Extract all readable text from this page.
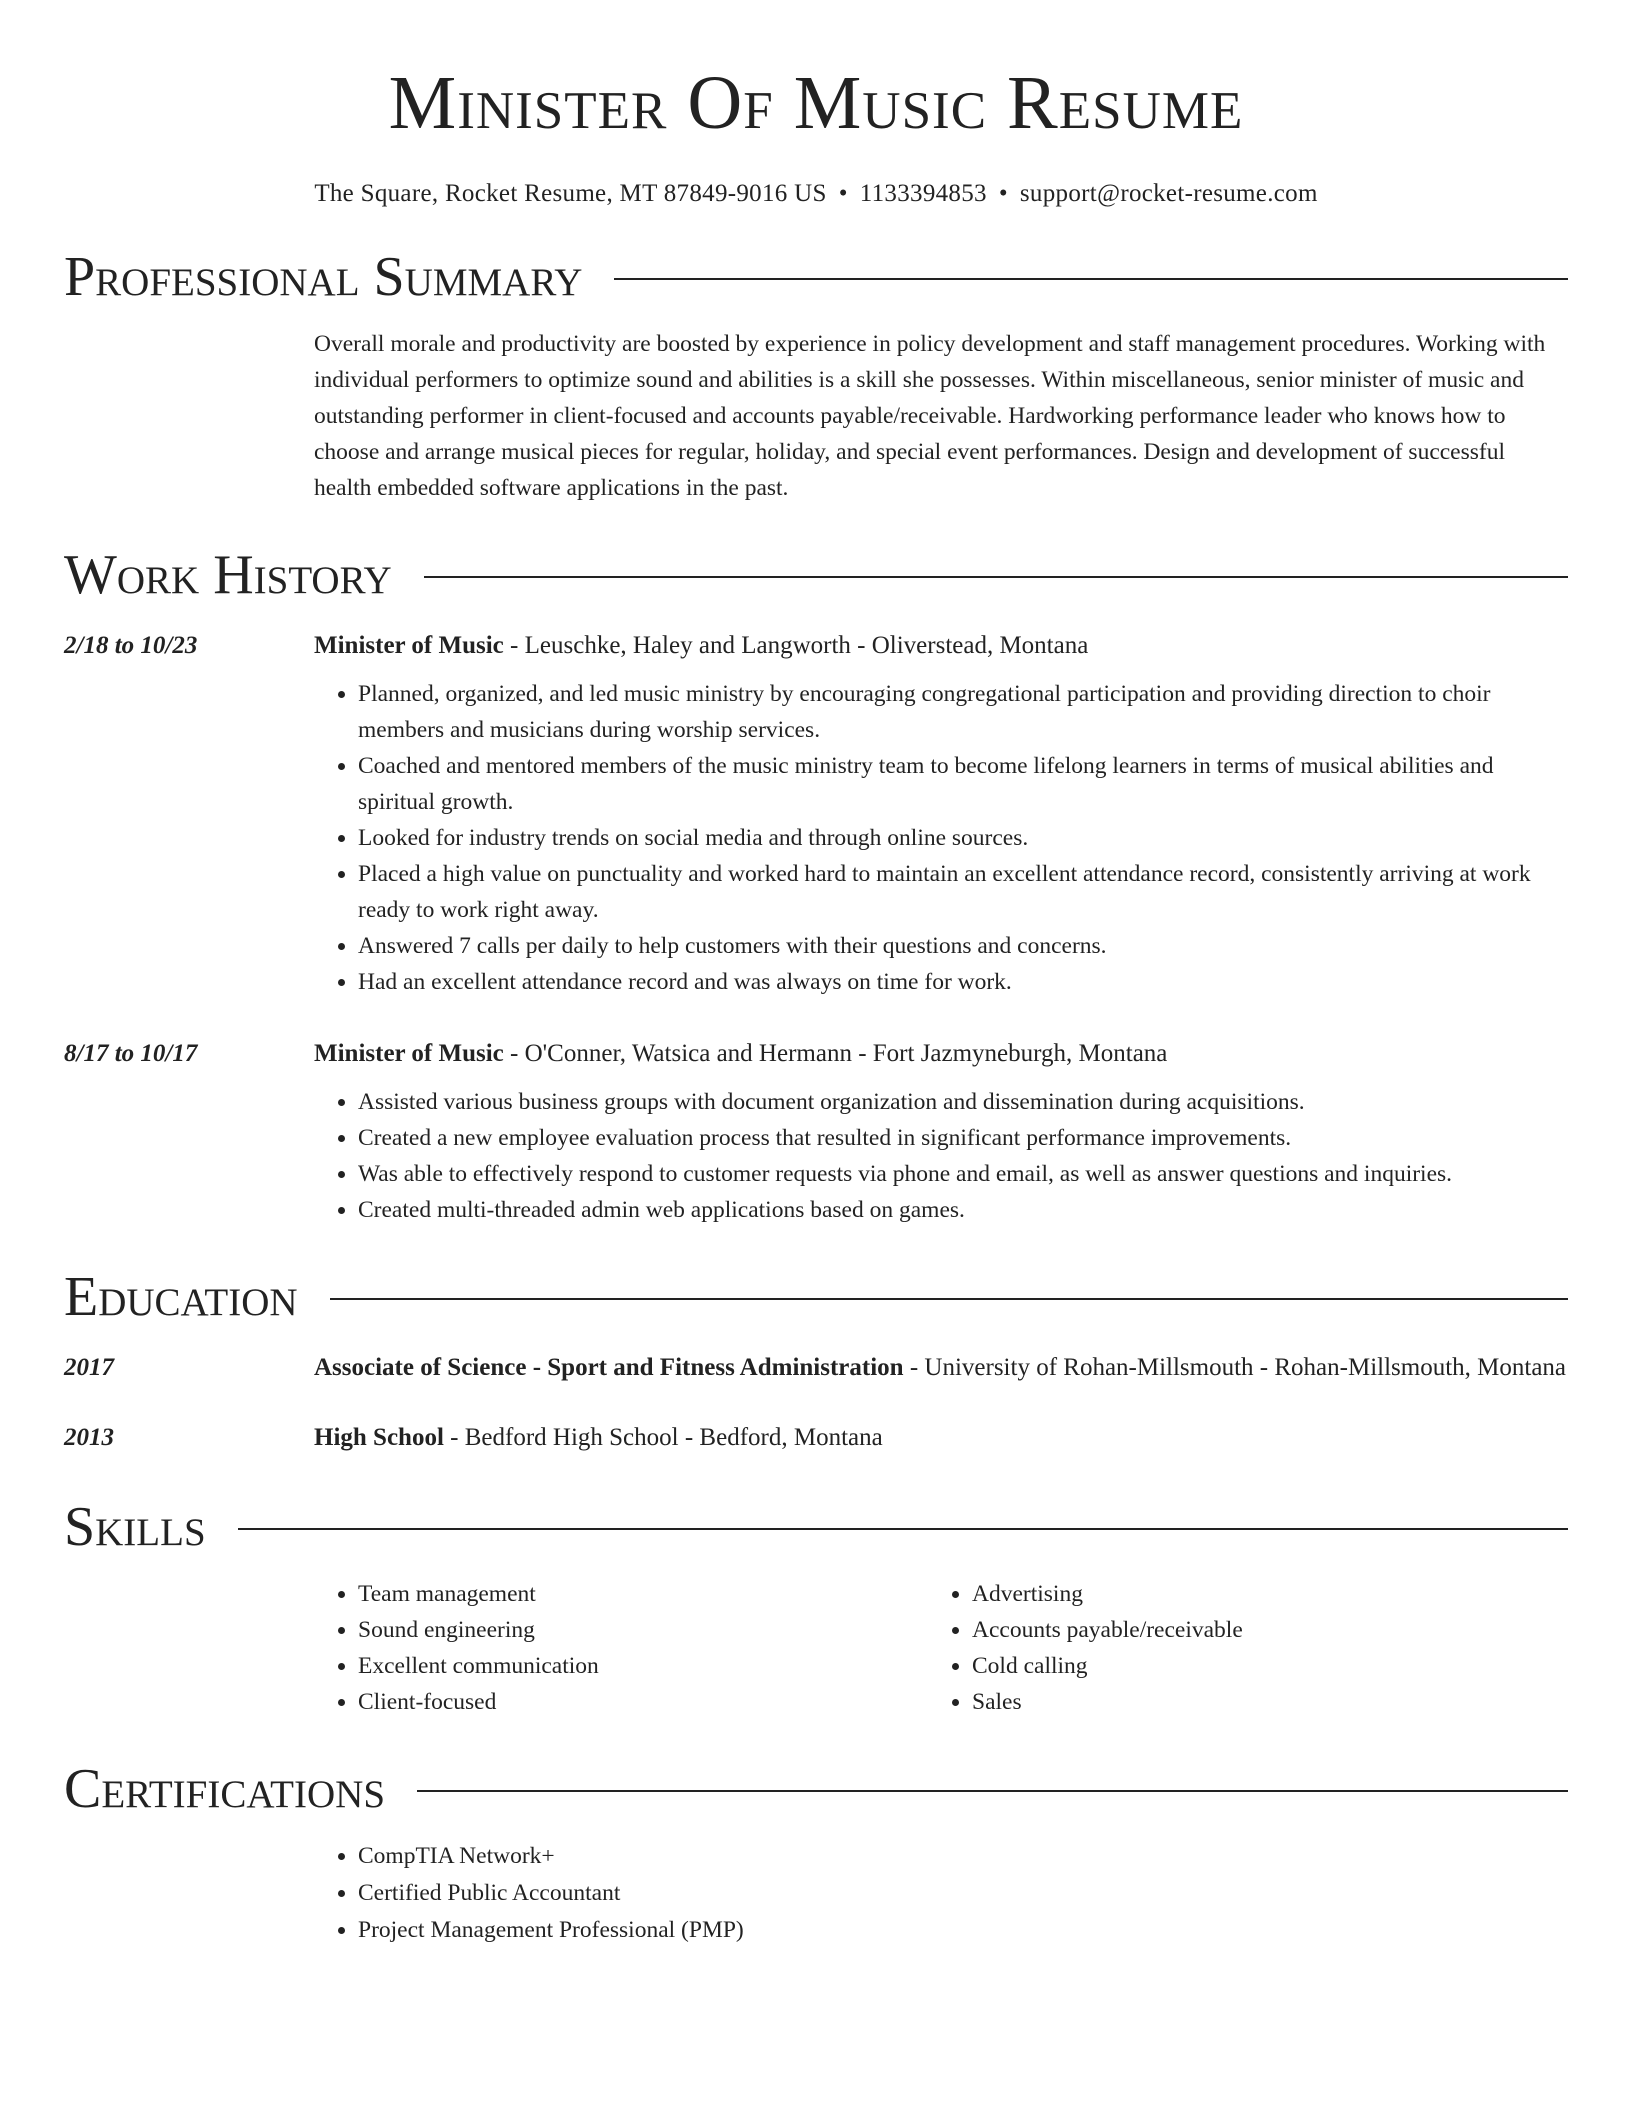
Minister Of Music Resume
The Square, Rocket Resume, MT 87849-9016 US • 1133394853 • support@rocket-resume.com
Professional Summary
Overall morale and productivity are boosted by experience in policy development and staff management procedures. Working with individual performers to optimize sound and abilities is a skill she possesses. Within miscellaneous, senior minister of music and outstanding performer in client-focused and accounts payable/receivable. Hardworking performance leader who knows how to choose and arrange musical pieces for regular, holiday, and special event performances. Design and development of successful health embedded software applications in the past.
Work History
2/18 to 10/23	Minister of Music - Leuschke, Haley and Langworth - Oliverstead, Montana
• Planned, organized, and led music ministry by encouraging congregational participation and providing direction to choir members and musicians during worship services.
• Coached and mentored members of the music ministry team to become lifelong learners in terms of musical abilities and spiritual growth.
• Looked for industry trends on social media and through online sources.
• Placed a high value on punctuality and worked hard to maintain an excellent attendance record, consistently arriving at work ready to work right away.
• Answered 7 calls per daily to help customers with their questions and concerns.
• Had an excellent attendance record and was always on time for work.
8/17 to 10/17	Minister of Music - O'Conner, Watsica and Hermann - Fort Jazmyneburgh, Montana
• Assisted various business groups with document organization and dissemination during acquisitions.
• Created a new employee evaluation process that resulted in significant performance improvements.
• Was able to effectively respond to customer requests via phone and email, as well as answer questions and inquiries.
• Created multi-threaded admin web applications based on games.
Education
2017	Associate of Science - Sport and Fitness Administration - University of Rohan-Millsmouth - Rohan-Millsmouth, Montana
2013	High School - Bedford High School - Bedford, Montana
Skills
• Team management
• Sound engineering
• Excellent communication
• Client-focused
• Advertising
• Accounts payable/receivable
• Cold calling
• Sales
Certifications
• CompTIA Network+
• Certified Public Accountant
• Project Management Professional (PMP)
